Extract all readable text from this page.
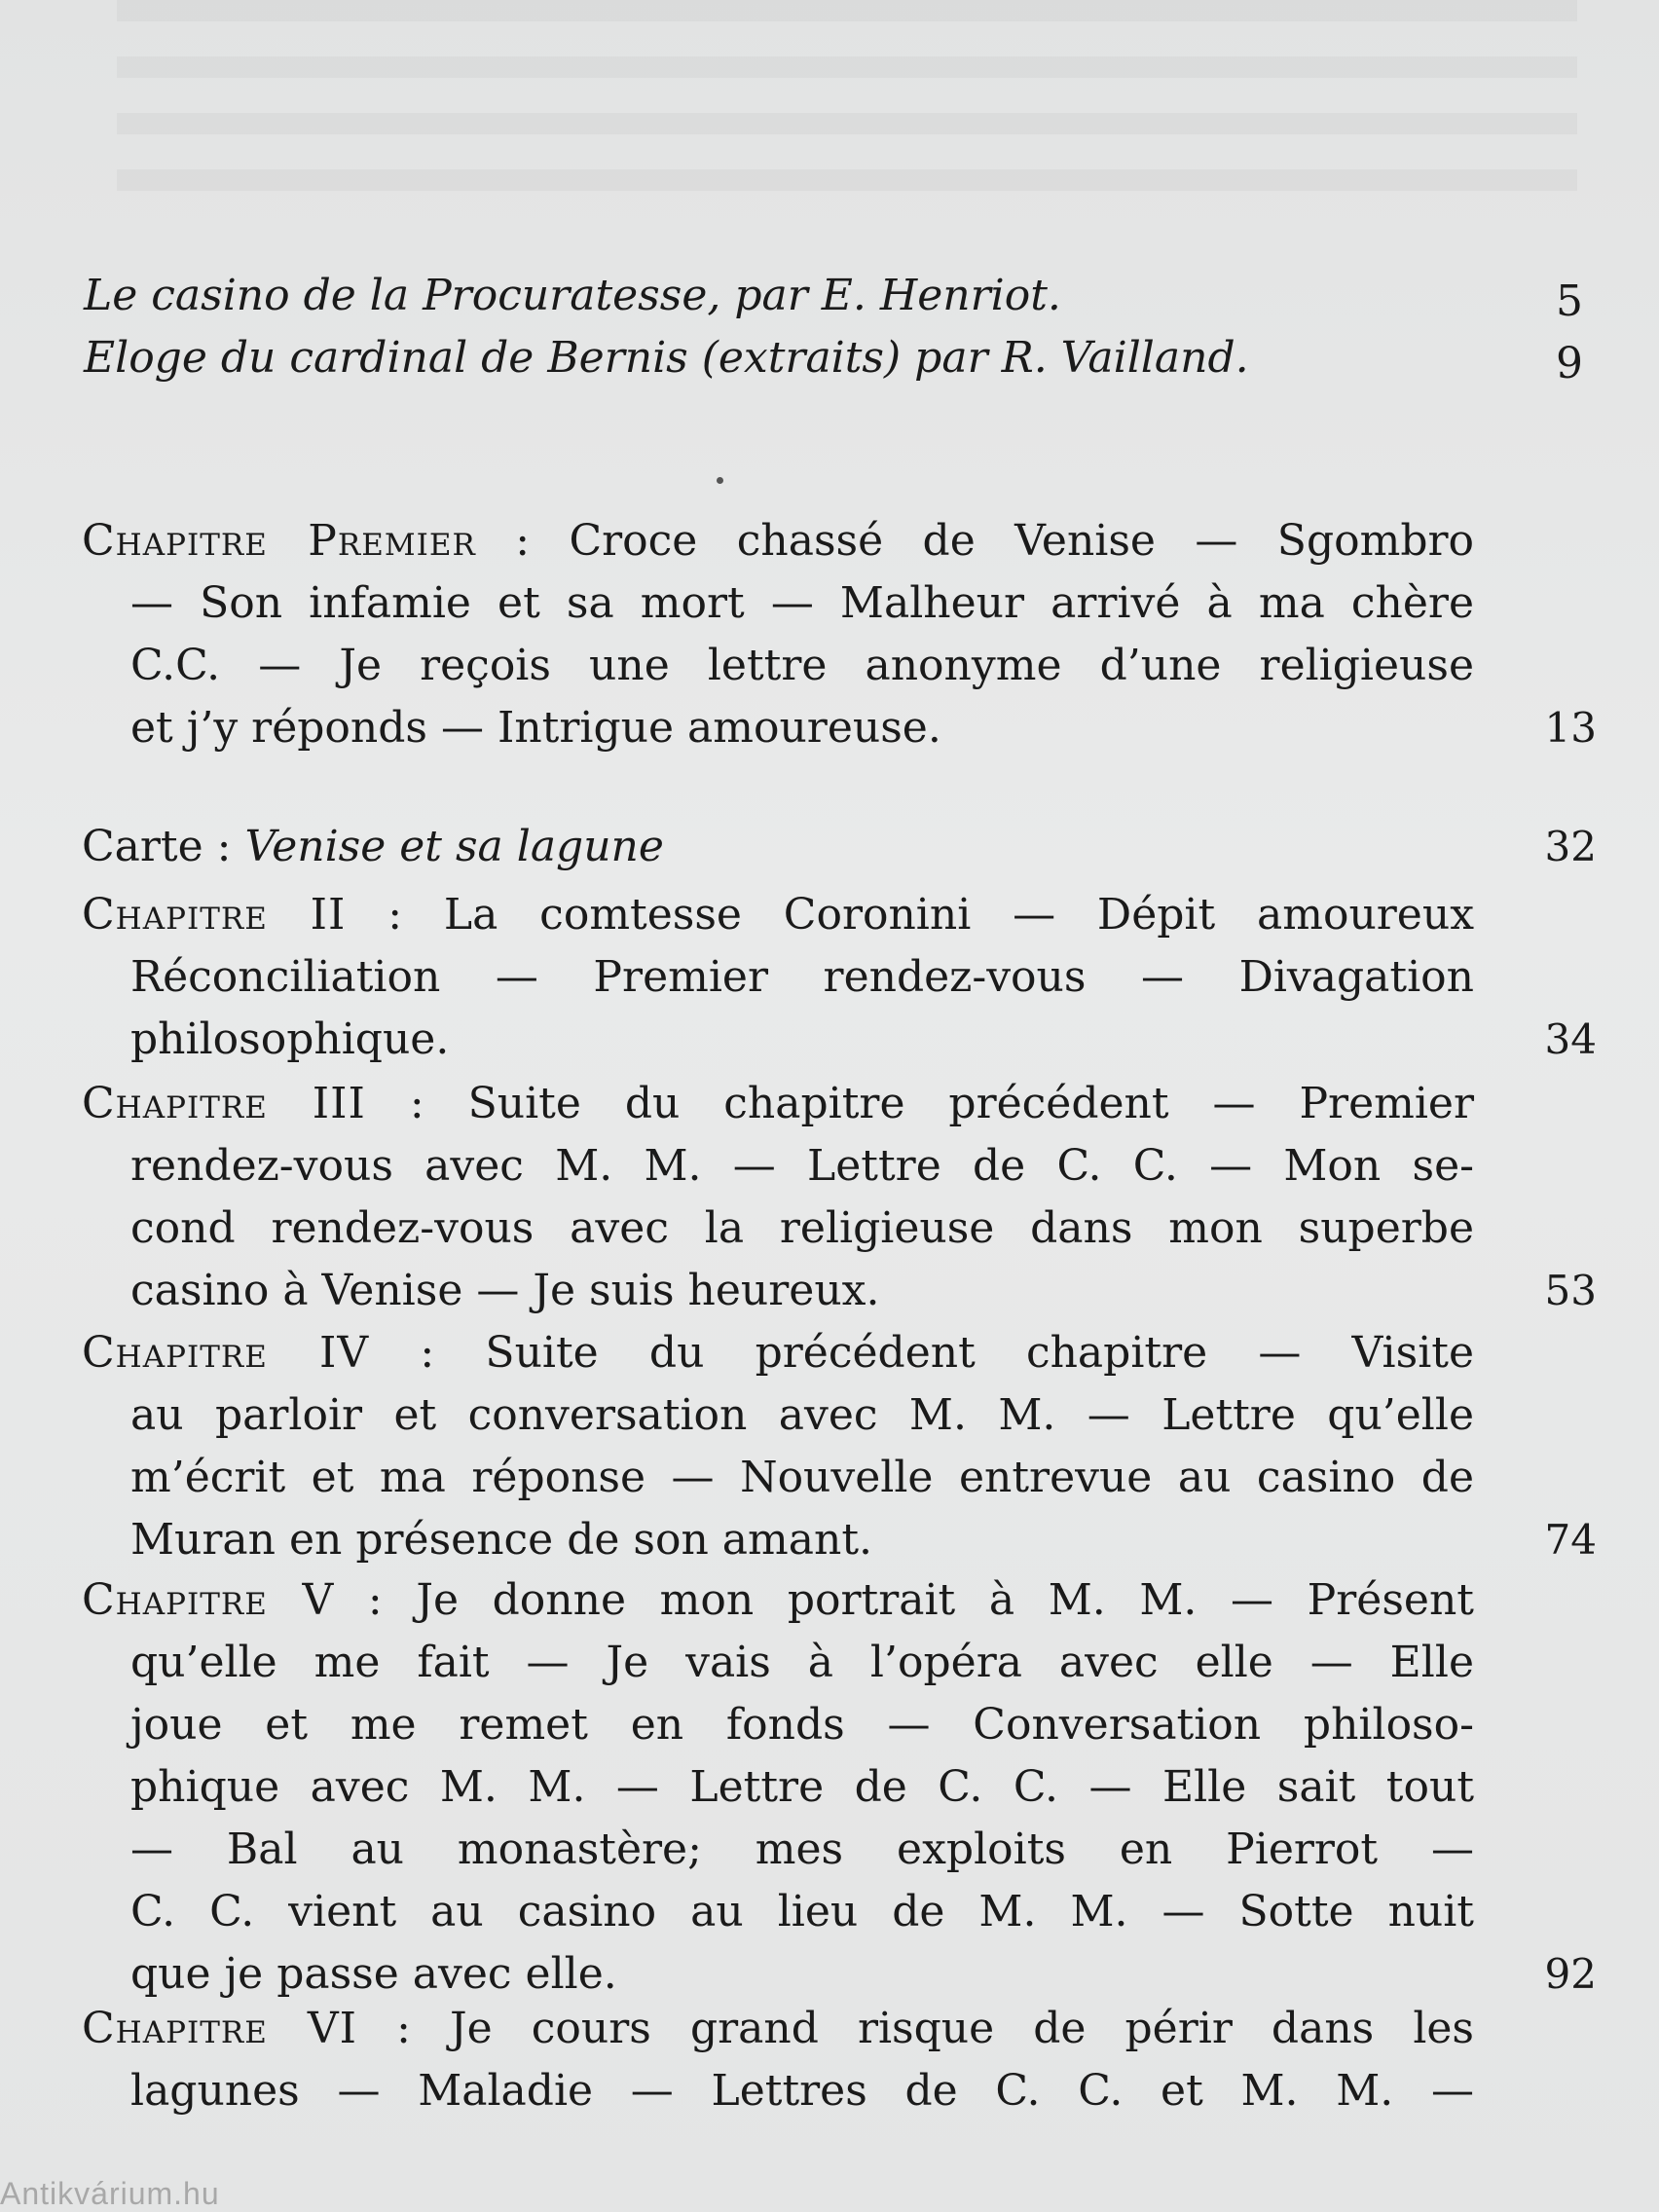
Le casino de la Procuratesse, par E. Henriot.	5
Eloge du cardinal de Bernis (extraits) par R. Vailland.	9
Chapitre Premier : Croce chassé de Venise — Sgombro
— Son infamie et sa mort — Malheur arrivé à ma chère
C.C. — Je reçois une lettre anonyme d’une religieuse
et j’y réponds — Intrigue amoureuse.	13
Carte : Venise et sa lagune	32
Chapitre II : La comtesse Coronini — Dépit amoureux
Réconciliation — Premier rendez-vous — Divagation
philosophique.	34
Chapitre III : Suite du chapitre précédent — Premier
rendez-vous avec M. M. — Lettre de C. C. — Mon se-
cond rendez-vous avec la religieuse dans mon superbe
casino à Venise — Je suis heureux.	53
Chapitre IV : Suite du précédent chapitre — Visite
au parloir et conversation avec M. M. — Lettre qu’elle
m’écrit et ma réponse — Nouvelle entrevue au casino de
Muran en présence de son amant.	74
Chapitre V : Je donne mon portrait à M. M. — Présent
qu’elle me fait — Je vais à l’opéra avec elle — Elle
joue et me remet en fonds — Conversation philoso-
phique avec M. M. — Lettre de C. C. — Elle sait tout
— Bal au monastère; mes exploits en Pierrot —
C. C. vient au casino au lieu de M. M. — Sotte nuit
que je passe avec elle.	92
Chapitre VI : Je cours grand risque de périr dans les
lagunes — Maladie — Lettres de C. C. et M. M. —
Antikvárium.hu
